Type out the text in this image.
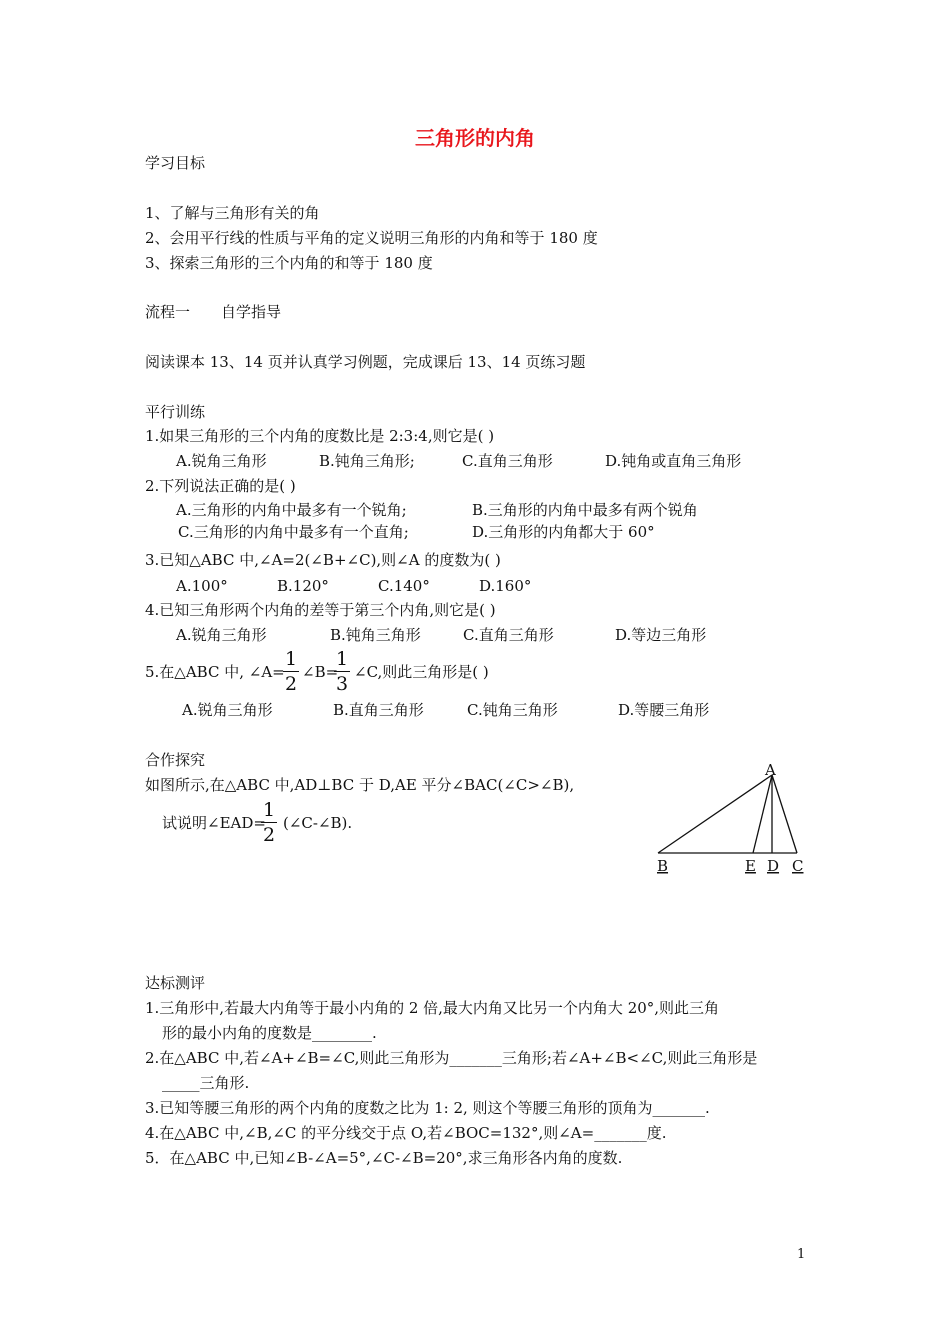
三角形的内角
学习目标
1、了解与三角形有关的角
2、会用平行线的性质与平角的定义说明三角形的内角和等于 180 度
3、探索三角形的三个内角的和等于 180 度
流程一 自学指导
阅读课本 13、14 页并认真学习例题，完成课后 13、14 页练习题
平行训练
1.如果三角形的三个内角的度数比是 2:3:4,则它是( )
A.锐角三角形	B.钝角三角形;	C.直角三角形	D.钝角或直角三角形
2.下列说法正确的是( )
A.三角形的内角中最多有一个锐角;	B.三角形的内角中最多有两个锐角
C.三角形的内角中最多有一个直角;	D.三角形的内角都大于 60°
3.已知△ABC 中,∠A=2(∠B+∠C),则∠A 的度数为( )
A.100°	B.120°	C.140°	D.160°
4.已知三角形两个内角的差等于第三个内角,则它是( )
A.锐角三角形	B.钝角三角形	C.直角三角形	D.等边三角形
5.在△ABC 中, ∠A=
1
2
∠B=
1
3
∠C,则此三角形是( )
A.锐角三角形	B.直角三角形	C.钝角三角形	D.等腰三角形
合作探究
如图所示,在△ABC 中,AD⊥BC 于 D,AE 平分∠BAC(∠C>∠B),
试说明∠EAD=
1
2
(∠C-∠B).
A
B	E D C
达标测评
1.三角形中,若最大内角等于最小内角的 2 倍,最大内角又比另一个内角大 20°,则此三角
形的最小内角的度数是________.
2.在△ABC 中,若∠A+∠B=∠C,则此三角形为_______三角形;若∠A+∠B<∠C,则此三角形是
_____三角形.
3.已知等腰三角形的两个内角的度数之比为 1: 2, 则这个等腰三角形的顶角为_______.
4.在△ABC 中,∠B,∠C 的平分线交于点 O,若∠BOC=132°,则∠A=_______度.
5．在△ABC 中,已知∠B-∠A=5°,∠C-∠B=20°,求三角形各内角的度数.
1
